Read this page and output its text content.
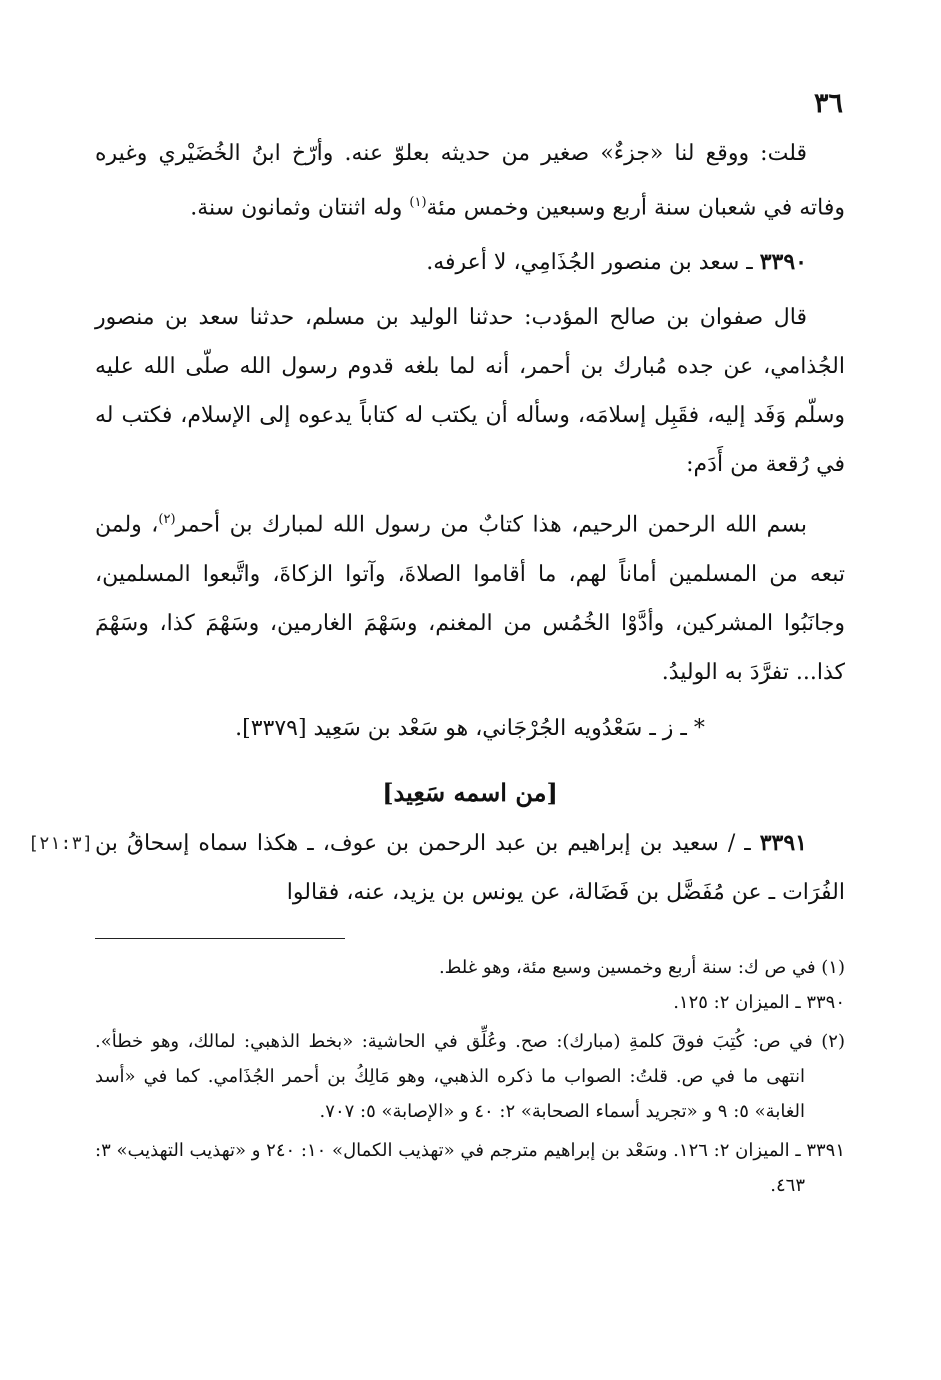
٣٦

قلت: ووقع لنا «جزءٌ» صغير من حديثه بعلوّ عنه. وأرّخ ابنُ الخُضَيْري وغيره وفاته في شعبان سنة أربع وسبعين وخمس مئة$^{(١)}$ وله اثنتان وثمانون سنة.

٣٣٩٠ ـ سعد بن منصور الجُذَامِي، لا أعرفه.

قال صفوان بن صالح المؤدب: حدثنا الوليد بن مسلم، حدثنا سعد بن منصور الجُذامي، عن جده مُبارك بن أحمر، أنه لما بلغه قدوم رسول الله صلّى الله عليه وسلّم وَفَد إليه، فقَبِل إسلامَه، وسأله أن يكتب له كتاباً يدعوه إلى الإسلام، فكتب له في رُقعة من أَدَم:

بسم الله الرحمن الرحيم، هذا كتابٌ من رسول الله لمبارك بن أحمر$^{(٢)}$، ولمن تبعه من المسلمين أماناً لهم، ما أقاموا الصلاةَ، وآتوا الزكاةَ، واتَّبعوا المسلمين، وجانَبُوا المشركين، وأدَّوْا الخُمُس من المغنم، وسَهْمَ الغارمين، وسَهْمَ كذا، وسَهْمَ كذا... تفرَّدَ به الوليدُ.

* ـ ز ـ سَعْدُويه الجُرْجَاني، هو سَعْد بن سَعِيد [٣٣٧٩].
[من اسمه سَعِيد]

[٢١:٣]	٣٣٩١ ـ / سعيد بن إبراهيم بن عبد الرحمن بن عوف، ـ هكذا سماه إسحاقُ بن الفُرَات ـ عن مُفَضَّل بن فَضَالة، عن يونس بن يزيد، عنه، فقالوا

(١) في ص ك: سنة أربع وخمسين وسبع مئة، وهو غلط.

٣٣٩٠ ـ الميزان ٢: ١٢٥.

(٢) في ص: كُتِبَ فوقَ كلمةِ (مبارك): صح. وعُلِّق في الحاشية: «بخط الذهبي: لمالك، وهو خطأ». انتهى ما في ص. قلتُ: الصواب ما ذكره الذهبي، وهو مَالِكُ بن أحمر الجُذَامي. كما في «أسد الغابة» ٥: ٩ و «تجريد أسماء الصحابة» ٢: ٤٠ و «الإصابة» ٥: ٧٠٧.

٣٣٩١ ـ الميزان ٢: ١٢٦. وسَعْد بن إبراهيم مترجم في «تهذيب الكمال» ١٠: ٢٤٠ و «تهذيب التهذيب» ٣: ٤٦٣.
